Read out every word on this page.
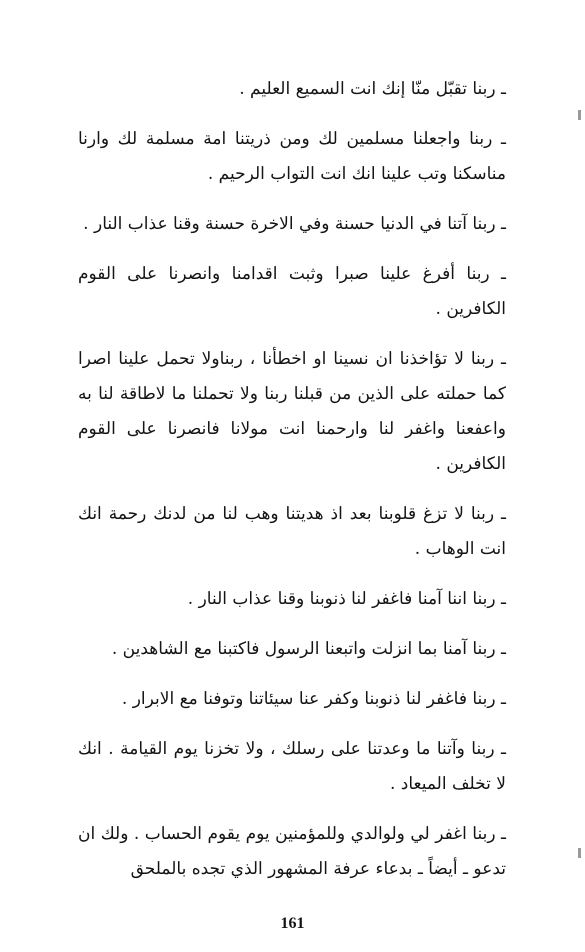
ـ ربنا تقبّل منّا إنك انت السميع العليم .

ـ ربنا واجعلنا مسلمين لك ومن ذريتنا امة مسلمة لك وارنا مناسكنا وتب علينا انك انت التواب الرحيم .

ـ ربنا آتنا في الدنيا حسنة وفي الاخرة حسنة وقنا عذاب النار .

ـ ربنا أفرغ علينا صبرا وثبت اقدامنا وانصرنا على القوم الكافرين .

ـ ربنا لا تؤاخذنا ان نسينا او اخطأنا ، ربناولا تحمل علينا اصرا كما حملته على الذين من قبلنا ربنا ولا تحملنا ما لاطاقة لنا به واعفعنا واغفر لنا وارحمنا انت مولانا فانصرنا على القوم الكافرين .

ـ ربنا لا تزغ قلوبنا بعد اذ هديتنا وهب لنا من لدنك رحمة انك انت الوهاب .

ـ ربنا اننا آمنا فاغفر لنا ذنوبنا وقنا عذاب النار .

ـ ربنا آمنا بما انزلت واتبعنا الرسول فاكتبنا مع الشاهدين .

ـ ربنا فاغفر لنا ذنوبنا وكفر عنا سيئاتنا وتوفنا مع الابرار .

ـ ربنا وآتنا ما وعدتنا على رسلك ، ولا تخزنا يوم القيامة . انك لا تخلف الميعاد .

ـ ربنا اغفر لي ولوالدي وللمؤمنين يوم يقوم الحساب . ولك ان تدعو ـ أيضاً ـ بدعاء عرفة المشهور الذي تجده بالملحق

161
